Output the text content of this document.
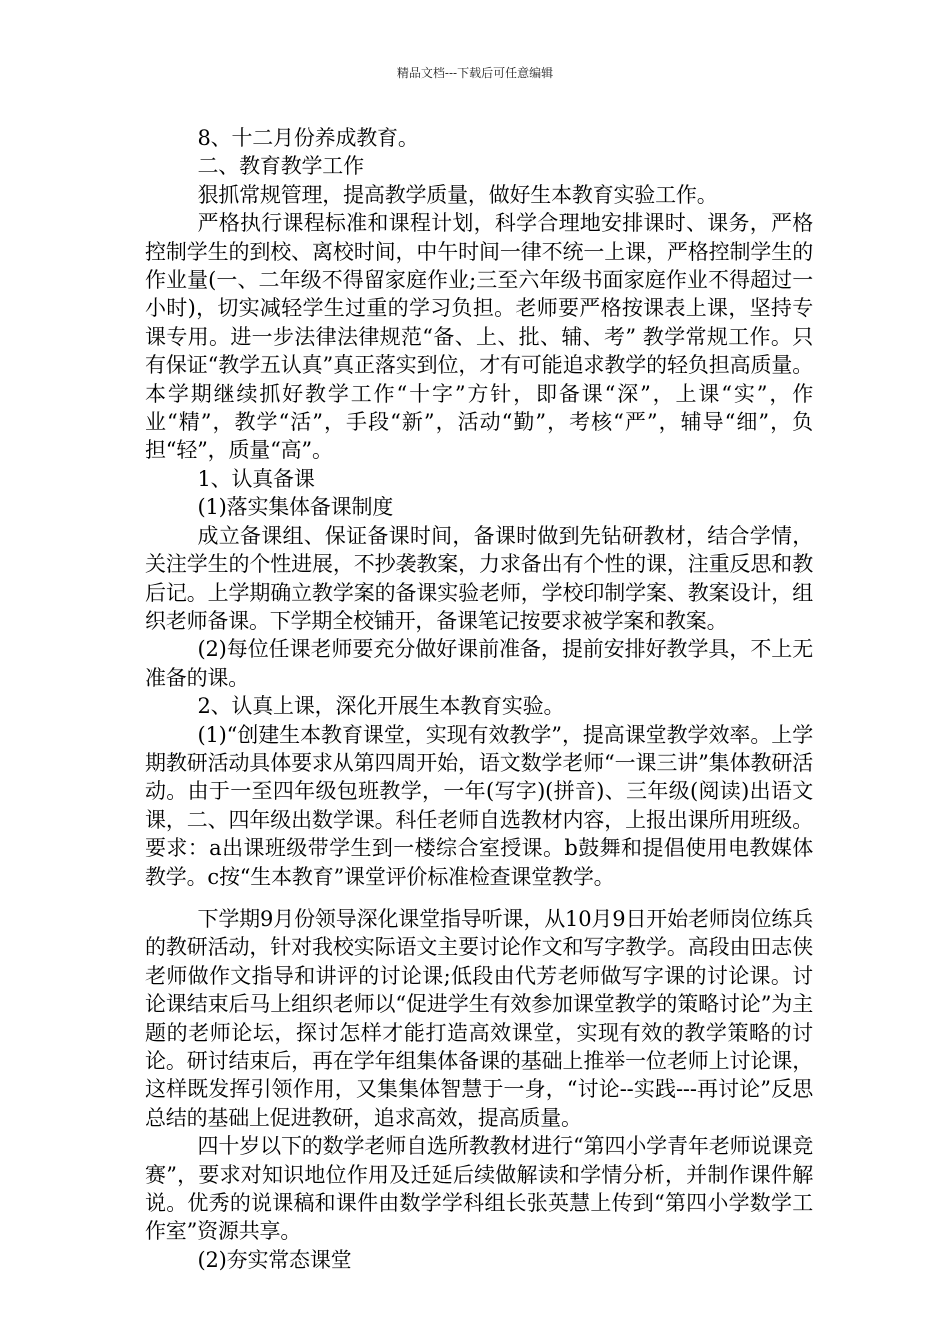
精品文档---下载后可任意编辑

8、十二月份养成教育。

二、教育教学工作

狠抓常规管理，提高教学质量，做好生本教育实验工作。

严格执行课程标准和课程计划，科学合理地安排课时、课务，严格控制学生的到校、离校时间，中午时间一律不统一上课，严格控制学生的作业量(一、二年级不得留家庭作业;三至六年级书面家庭作业不得超过一小时)，切实减轻学生过重的学习负担。老师要严格按课表上课，坚持专课专用。进一步法律法律规范“备、上、批、辅、考” 教学常规工作。只有保证“教学五认真”真正落实到位，才有可能追求教学的轻负担高质量。本学期继续抓好教学工作“十字”方针，即备课“深”，上课“实”，作业“精”，教学“活”，手段“新”，活动“勤”，考核“严”，辅导“细”，负担“轻”，质量“高”。

1、认真备课

(1)落实集体备课制度

成立备课组、保证备课时间，备课时做到先钻研教材，结合学情，关注学生的个性进展，不抄袭教案，力求备出有个性的课，注重反思和教后记。上学期确立教学案的备课实验老师，学校印制学案、教案设计，组织老师备课。下学期全校铺开，备课笔记按要求被学案和教案。

(2)每位任课老师要充分做好课前准备，提前安排好教学具，不上无准备的课。

2、认真上课，深化开展生本教育实验。

(1)“创建生本教育课堂，实现有效教学”，提高课堂教学效率。上学期教研活动具体要求从第四周开始，语文数学老师“一课三讲”集体教研活动。由于一至四年级包班教学，一年(写字)(拼音)、三年级(阅读)出语文课，二、四年级出数学课。科任老师自选教材内容，上报出课所用班级。要求：a出课班级带学生到一楼综合室授课。b鼓舞和提倡使用电教媒体教学。c按“生本教育”课堂评价标准检查课堂教学。

下学期9月份领导深化课堂指导听课，从10月9日开始老师岗位练兵的教研活动，针对我校实际语文主要讨论作文和写字教学。高段由田志侠老师做作文指导和讲评的讨论课;低段由代芳老师做写字课的讨论课。讨论课结束后马上组织老师以“促进学生有效参加课堂教学的策略讨论”为主题的老师论坛，探讨怎样才能打造高效课堂，实现有效的教学策略的讨论。研讨结束后，再在学年组集体备课的基础上推举一位老师上讨论课，这样既发挥引领作用，又集集体智慧于一身，“讨论--实践---再讨论”反思总结的基础上促进教研，追求高效，提高质量。

四十岁以下的数学老师自选所教教材进行“第四小学青年老师说课竞赛”，要求对知识地位作用及迁延后续做解读和学情分析，并制作课件解说。优秀的说课稿和课件由数学学科组长张英慧上传到“第四小学数学工作室”资源共享。

(2)夯实常态课堂
